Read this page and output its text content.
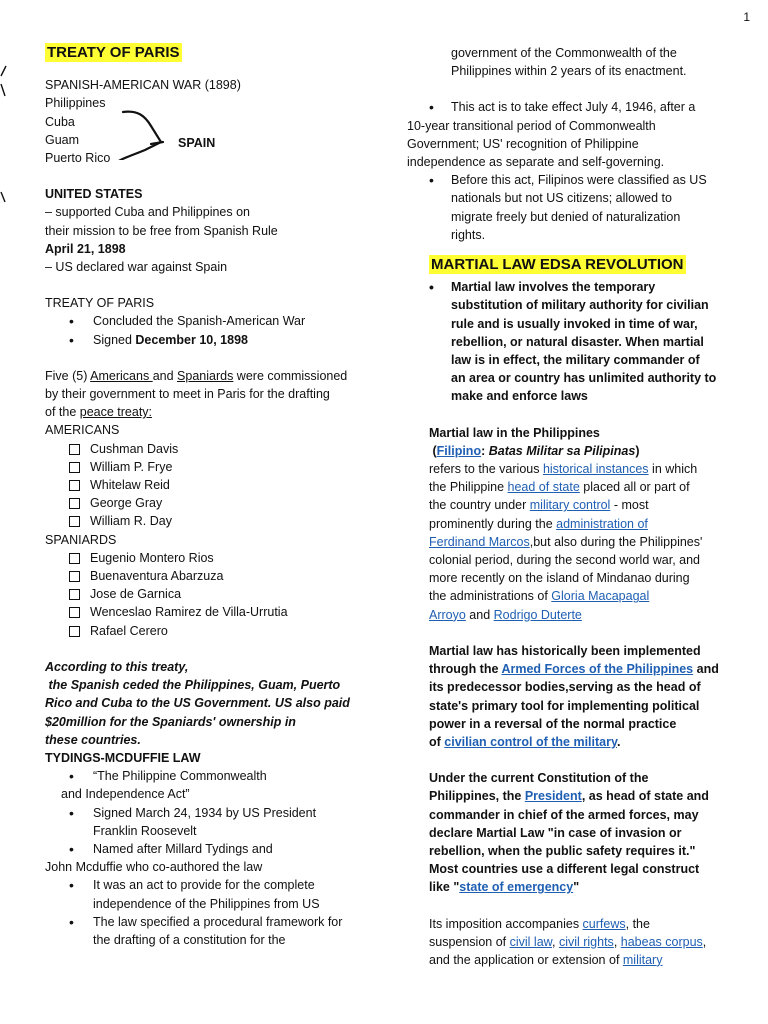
1
SPAIN
TREATY OF PARIS
SPANISH-AMERICAN WAR (1898)
Philippines
Cuba
Guam
Puerto Rico
UNITED STATES
– supported Cuba and Philippines on
their mission to be free from Spanish Rule
April 21, 1898
– US declared war against Spain
TREATY OF PARIS
• Concluded the Spanish-American War
• Signed December 10, 1898
Five (5) Americans and Spaniards were commissioned
by their government to meet in Paris for the drafting
of the peace treaty:
AMERICANS
Cushman Davis
William P. Frye
Whitelaw Reid
George Gray
William R. Day
SPANIARDS
Eugenio Montero Rios
Buenaventura Abarzuza
Jose de Garnica
Wenceslao Ramirez de Villa-Urrutia
Rafael Cerero
According to this treaty,
the Spanish ceded the Philippines, Guam, Puerto
Rico and Cuba to the US Government. US also paid
$20million for the Spaniards' ownership in
these countries.
TYDINGS-MCDUFFIE LAW
• “The Philippine Commonwealth
and Independence Act”
• Signed March 24, 1934 by US President
Franklin Roosevelt
• Named after Millard Tydings and
John Mcduffie who co-authored the law
• It was an act to provide for the complete
independence of the Philippines from US
• The law specified a procedural framework for
the drafting of a constitution for the
government of the Commonwealth of the
Philippines within 2 years of its enactment.
• This act is to take effect July 4, 1946, after a
10-year transitional period of Commonwealth
Government; US' recognition of Philippine
independence as separate and self-governing.
• Before this act, Filipinos were classified as US
nationals but not US citizens; allowed to
migrate freely but denied of naturalization
rights.
MARTIAL LAW EDSA REVOLUTION
• Martial law involves the temporary
substitution of military authority for civilian
rule and is usually invoked in time of war,
rebellion, or natural disaster. When martial
law is in effect, the military commander of
an area or country has unlimited authority to
make and enforce laws
Martial law in the Philippines
(Filipino: Batas Militar sa Pilipinas)
refers to the various historical instances in which
the Philippine head of state placed all or part of
the country under military control - most
prominently during the administration of
Ferdinand Marcos,but also during the Philippines'
colonial period, during the second world war, and
more recently on the island of Mindanao during
the administrations of Gloria Macapagal
Arroyo and Rodrigo Duterte
Martial law has historically been implemented
through the Armed Forces of the Philippines and
its predecessor bodies,serving as the head of
state's primary tool for implementing political
power in a reversal of the normal practice
of civilian control of the military.
Under the current Constitution of the
Philippines, the President, as head of state and
commander in chief of the armed forces, may
declare Martial Law "in case of invasion or
rebellion, when the public safety requires it."
Most countries use a different legal construct
like "state of emergency"
Its imposition accompanies curfews, the
suspension of civil law, civil rights, habeas corpus,
and the application or extension of military
